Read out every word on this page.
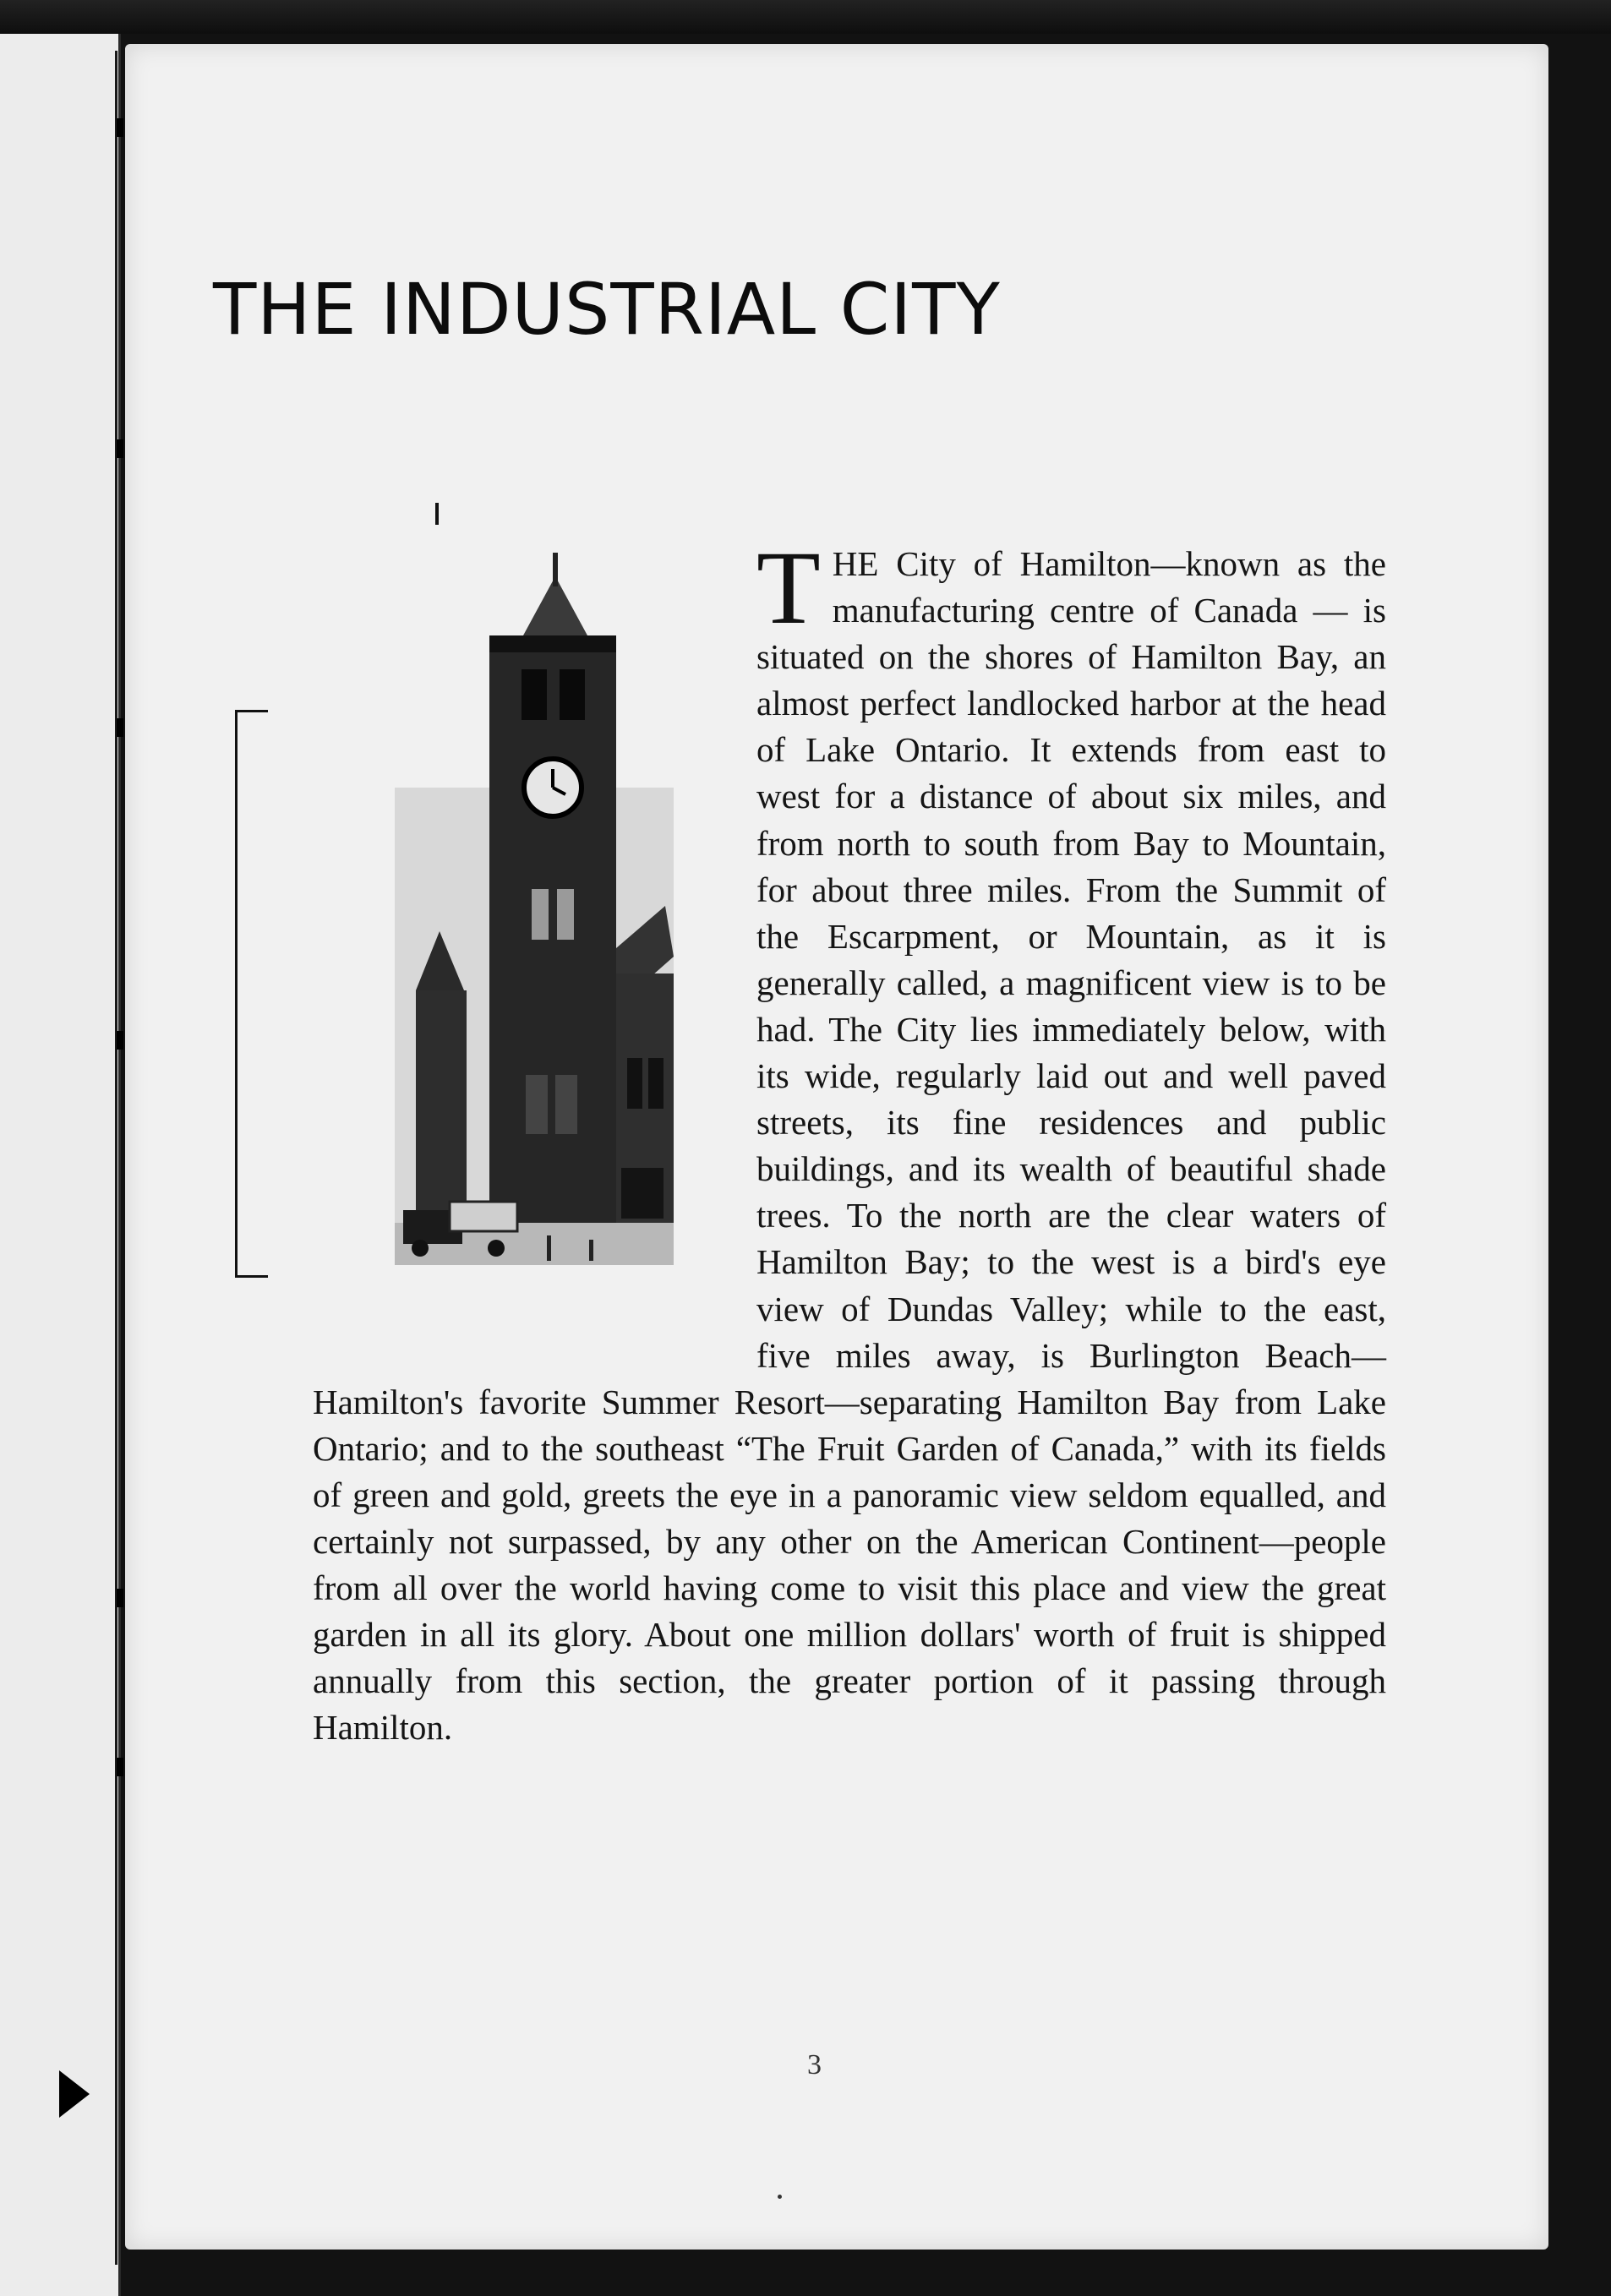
THE INDUSTRIAL CITY
T HE City of Hamilton—known as the manufacturing centre of Canada — is situated on the shores of Hamilton Bay, an almost perfect landlocked harbor at the head of Lake Ontario. It extends from east to west for a distance of about six miles, and from north to south from Bay to Mountain, for about three miles. From the Summit of the Escarpment, or Mountain, as it is generally called, a magnificent view is to be had. The City lies immediately below, with its wide, regularly laid out and well paved streets, its fine residences and public buildings, and its wealth of beautiful shade trees. To the north are the clear waters of Hamilton Bay; to the west is a bird's eye view of Dundas Valley; while to the east, five miles away, is Burlington Beach—Hamilton's favorite Summer Resort—separating Hamilton Bay from Lake Ontario; and to the southeast “The Fruit Garden of Canada,” with its fields of green and gold, greets the eye in a panoramic view seldom equalled, and certainly not surpassed, by any other on the American Continent—people from all over the world having come to visit this place and view the great garden in all its glory. About one million dollars' worth of fruit is shipped annually from this section, the greater portion of it passing through Hamilton.

3
